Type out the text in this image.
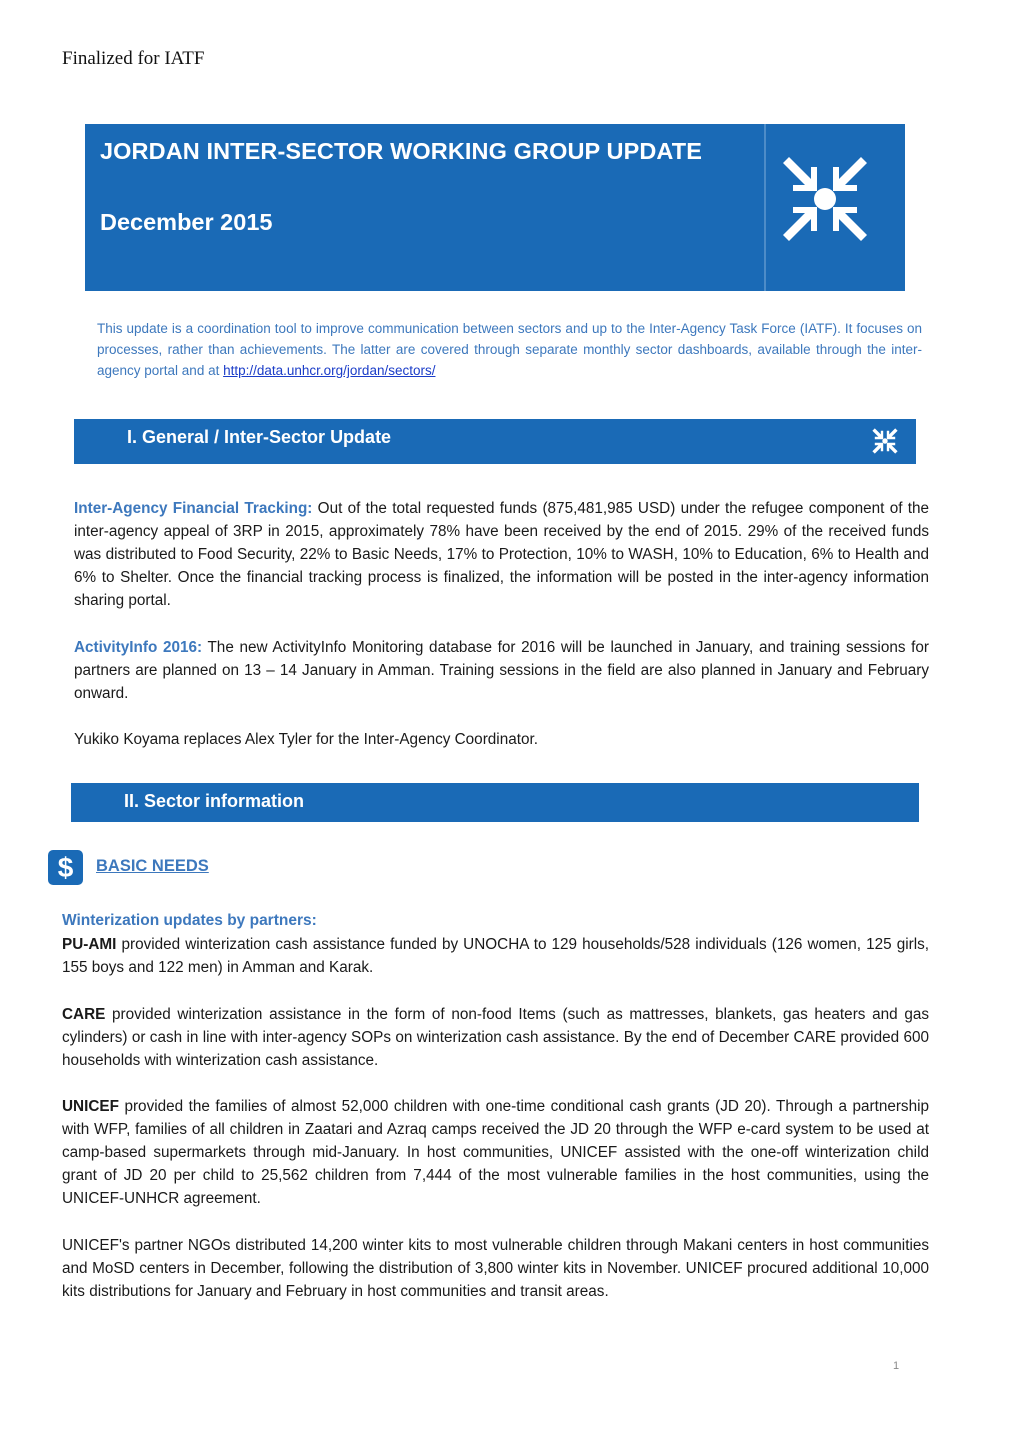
Finalized for IATF
JORDAN INTER-SECTOR WORKING GROUP UPDATE
December 2015
This update is a coordination tool to improve communication between sectors and up to the Inter-Agency Task Force (IATF). It focuses on processes, rather than achievements. The latter are covered through separate monthly sector dashboards, available through the inter-agency portal and at http://data.unhcr.org/jordan/sectors/
I. General / Inter-Sector Update
Inter-Agency Financial Tracking: Out of the total requested funds (875,481,985 USD) under the refugee component of the inter-agency appeal of 3RP in 2015, approximately 78% have been received by the end of 2015. 29% of the received funds was distributed to Food Security, 22% to Basic Needs, 17% to Protection, 10% to WASH, 10% to Education, 6% to Health and 6% to Shelter. Once the financial tracking process is finalized, the information will be posted in the inter-agency information sharing portal.
ActivityInfo 2016: The new ActivityInfo Monitoring database for 2016 will be launched in January, and training sessions for partners are planned on 13 – 14 January in Amman. Training sessions in the field are also planned in January and February onward.
Yukiko Koyama replaces Alex Tyler for the Inter-Agency Coordinator.
II. Sector information
$	BASIC NEEDS
Winterization updates by partners:
PU-AMI provided winterization cash assistance funded by UNOCHA to 129 households/528 individuals (126 women, 125 girls, 155 boys and 122 men) in Amman and Karak.
CARE provided winterization assistance in the form of non-food Items (such as mattresses, blankets, gas heaters and gas cylinders) or cash in line with inter-agency SOPs on winterization cash assistance. By the end of December CARE provided 600 households with winterization cash assistance.
UNICEF provided the families of almost 52,000 children with one-time conditional cash grants (JD 20). Through a partnership with WFP, families of all children in Zaatari and Azraq camps received the JD 20 through the WFP e-card system to be used at camp-based supermarkets through mid-January. In host communities, UNICEF assisted with the one-off winterization child grant of JD 20 per child to 25,562 children from 7,444 of the most vulnerable families in the host communities, using the UNICEF-UNHCR agreement.
UNICEF's partner NGOs distributed 14,200 winter kits to most vulnerable children through Makani centers in host communities and MoSD centers in December, following the distribution of 3,800 winter kits in November. UNICEF procured additional 10,000 kits distributions for January and February in host communities and transit areas.
1
